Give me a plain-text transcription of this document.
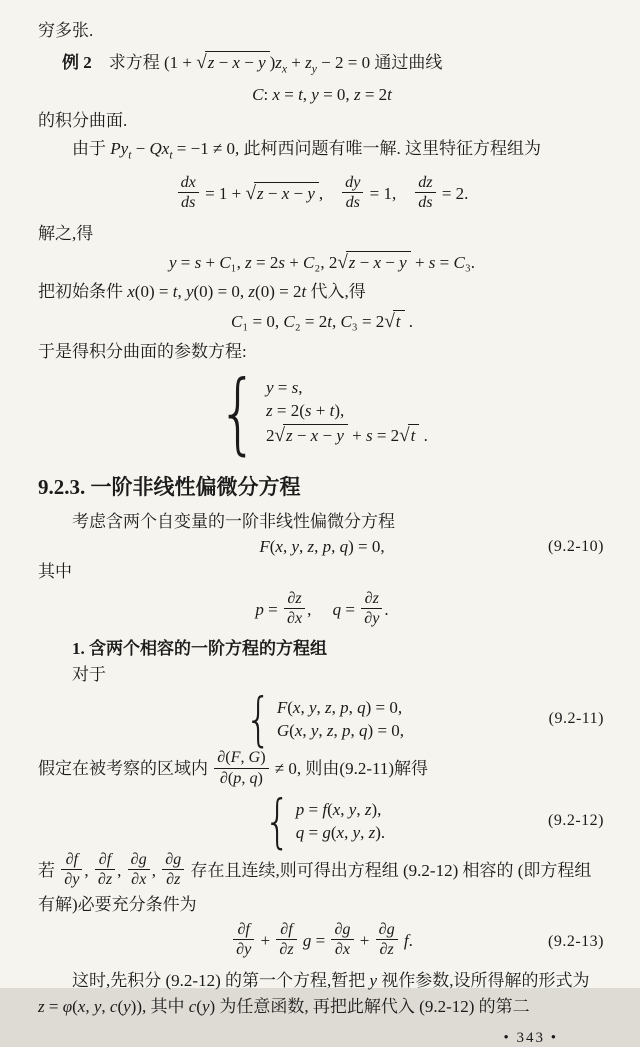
穷多张.

例 2　求方程 (1 + √ z − x − y )$z_x + z_y - 2 = 0$ 通过曲线

C: x = t, y = 0, z = 2t

的积分曲面.

由于 $Py_t - Qx_t = -1 \ne 0$, 此柯西问题有唯一解. 这里特征方程组为

$\frac{dx}{ds} = 1$ + √ z − x − y ,　 $\frac{dy}{ds} = 1$,　 $\frac{dz}{ds} = 2$.

解之,得

y = s + C₁, z = 2s + C₂, 2 √ z − x − y + s = C₃.

把初始条件 x(0) = t, y(0) = 0, z(0) = 2t 代入,得

C₁ = 0, C₂ = 2t, C₃ = 2 √ t .

于是得积分曲面的参数方程:

{ y = s,
z = 2(s + t),
2 √ z − x − y + s = 2 √ t .
9.2.3. 一阶非线性偏微分方程

考虑含两个自变量的一阶非线性偏微分方程

F(x, y, z, p, q) = 0,	(9.2-10)

其中

$p = \frac{\partial z}{\partial x}$ ,　 $q = \frac{\partial z}{\partial y}$ .

1. 含两个相容的一阶方程的方程组

对于

{ F(x, y, z, p, q) = 0,
G(x, y, z, p, q) = 0,
(9.2-11)

假定在被考察的区域内 $\frac{\partial(F, G)}{\partial(p, q)} \ne 0$, 则由(9.2-11)解得

{ p = f(x, y, z),
q = g(x, y, z).
(9.2-12)

若 $\frac{\partial f}{\partial y}$ , $\frac{\partial f}{\partial z}$ , $\frac{\partial g}{\partial x}$ , $\frac{\partial g}{\partial z}$ 存在且连续,则可得出方程组 (9.2-12) 相容的 (即方程组

有解)必要充分条件为

$\frac{\partial f}{\partial y} + \frac{\partial f}{\partial z}$ $g = \frac{\partial g}{\partial x} + \frac{\partial g}{\partial z} f$.	(9.2-13)

这时,先积分 (9.2-12) 的第一个方程,暂把 y 视作参数,设所得解的形式为

z = φ(x, y, c(y)), 其中 c(y) 为任意函数, 再把此解代入 (9.2-12) 的第二

• 343 •
